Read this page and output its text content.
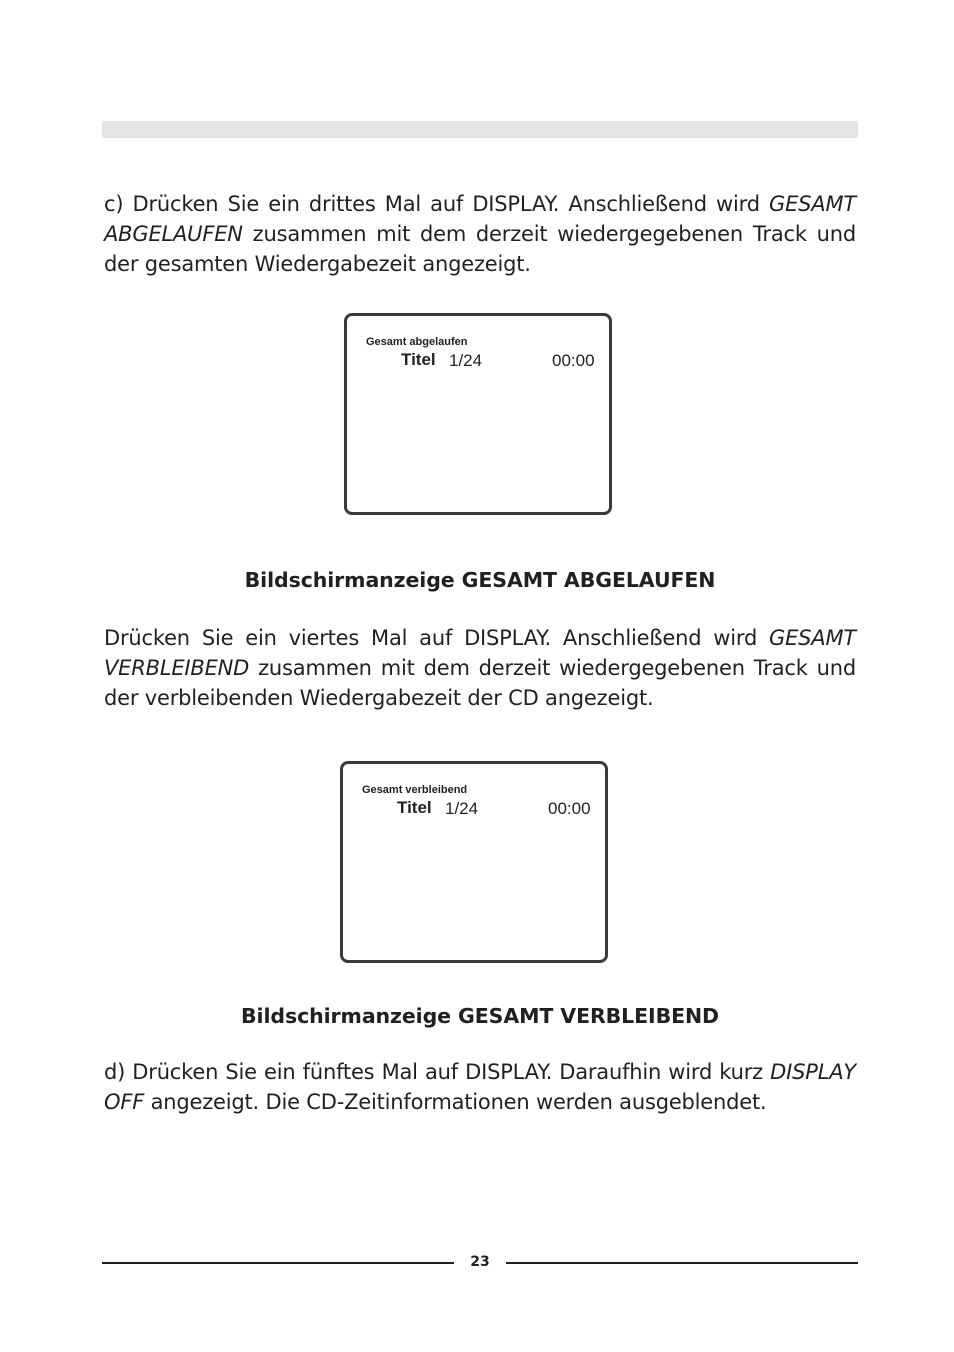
c) Drücken Sie ein drittes Mal auf DISPLAY. Anschließend wird GESAMT ABGELAUFEN zusammen mit dem derzeit wiedergegebenen Track und der gesamten Wiedergabezeit angezeigt.

Gesamt abgelaufen
Titel 1/24	00:00

Bildschirmanzeige GESAMT ABGELAUFEN

Drücken Sie ein viertes Mal auf DISPLAY. Anschließend wird GESAMT VERBLEIBEND zusammen mit dem derzeit wiedergegebenen Track und der verbleibenden Wiedergabezeit der CD angezeigt.

Gesamt verbleibend
Titel 1/24	00:00

Bildschirmanzeige GESAMT VERBLEIBEND

d) Drücken Sie ein fünftes Mal auf DISPLAY. Daraufhin wird kurz DISPLAY OFF angezeigt. Die CD-Zeitinformationen werden ausgeblendet.

23
